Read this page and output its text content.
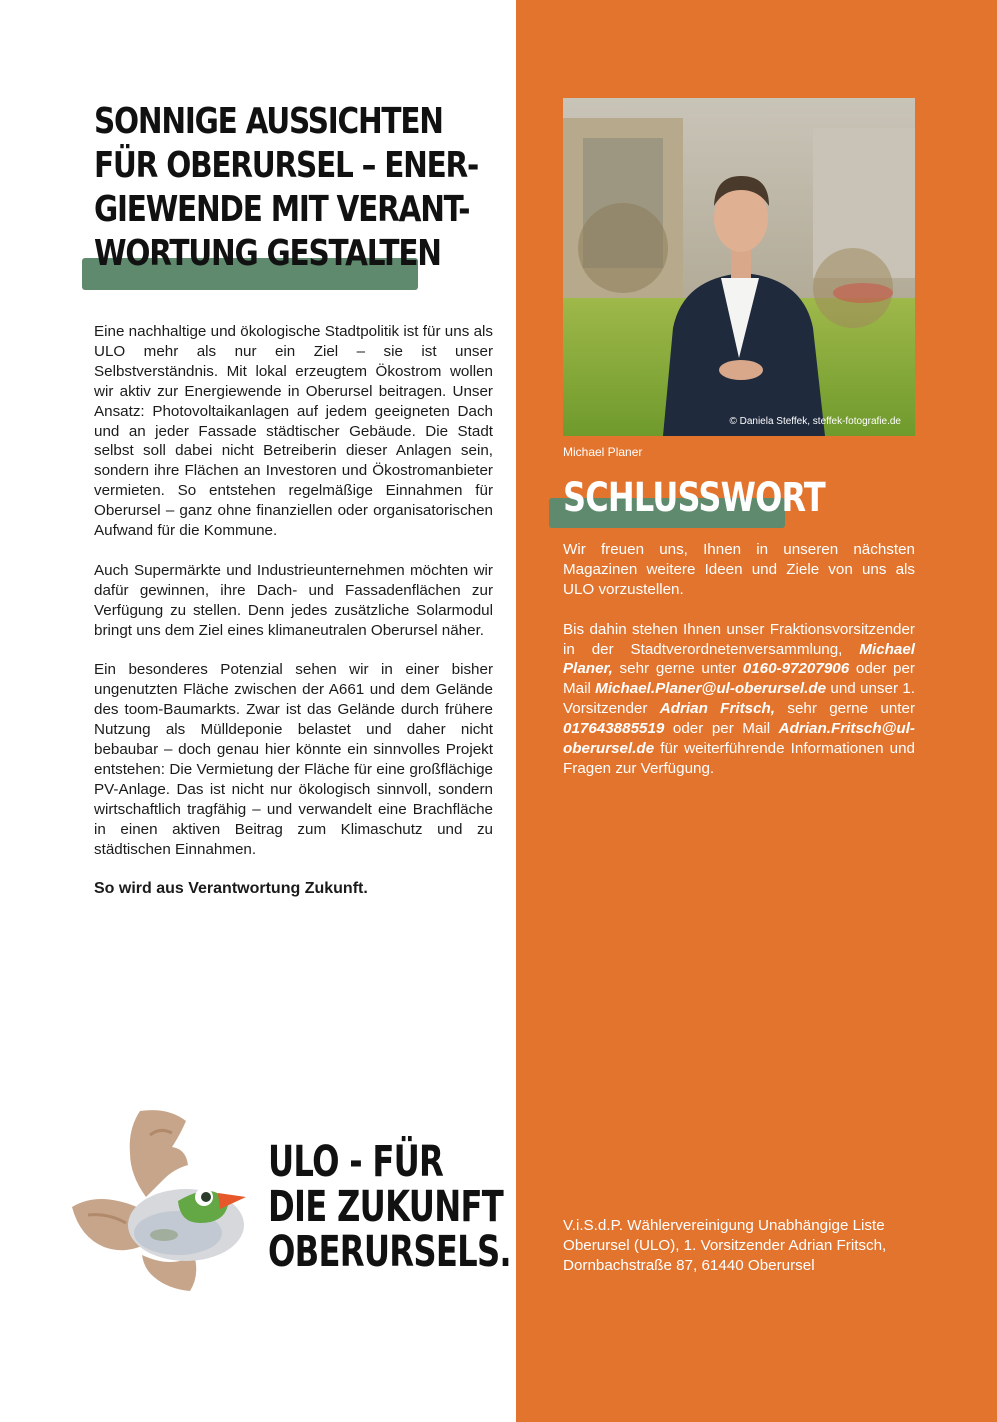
SONNIGE AUSSICHTEN
FÜR OBERURSEL – ENER-
GIEWENDE MIT VERANT-
WORTUNG GESTALTEN

Eine nachhaltige und ökologische Stadtpolitik ist für uns als ULO mehr als nur ein Ziel – sie ist unser Selbstverständnis. Mit lokal erzeugtem Ökostrom wollen wir aktiv zur Energiewende in Oberursel beitragen. Unser Ansatz: Photovoltaikanlagen auf jedem geeigneten Dach und an jeder Fassade städtischer Gebäude. Die Stadt selbst soll dabei nicht Betreiberin dieser Anlagen sein, sondern ihre Flächen an Investoren und Ökostromanbieter vermieten. So entstehen regelmäßige Einnahmen für Oberursel – ganz ohne finanziellen oder organisatorischen Aufwand für die Kommune.

Auch Supermärkte und Industrieunternehmen möchten wir dafür gewinnen, ihre Dach- und Fassadenflächen zur Verfügung zu stellen. Denn jedes zusätzliche Solarmodul bringt uns dem Ziel eines klimaneutralen Oberursel näher.

Ein besonderes Potenzial sehen wir in einer bisher ungenutzten Fläche zwischen der A661 und dem Gelände des toom-Baumarkts. Zwar ist das Gelände durch frühere Nutzung als Mülldeponie belastet und daher nicht bebaubar – doch genau hier könnte ein sinnvolles Projekt entstehen: Die Vermietung der Fläche für eine großflächige PV-Anlage. Das ist nicht nur ökologisch sinnvoll, sondern wirtschaftlich tragfähig – und verwandelt eine Brachfläche in einen aktiven Beitrag zum Klimaschutz und zu städtischen Einnahmen.

So wird aus Verantwortung Zukunft.

© Daniela Steffek, steffek-fotografie.de
Michael Planer
SCHLUSSWORT

Wir freuen uns, Ihnen in unseren nächsten Magazinen weitere Ideen und Ziele von uns als ULO vorzustellen.

Bis dahin stehen Ihnen unser Fraktionsvorsitzender in der Stadtverordnetenversammlung, Michael Planer, sehr gerne unter 0160-97207906 oder per Mail Michael.Planer@ul-oberursel.de und unser 1. Vorsitzender Adrian Fritsch, sehr gerne unter 017643885519 oder per Mail Adrian.Fritsch@ul-oberursel.de für weiterführende Informationen und Fragen zur Verfügung.

ULO - FÜR
DIE ZUKUNFT
OBERURSELS.
V.i.S.d.P. Wählervereinigung Unabhängige Liste Oberursel (ULO), 1. Vorsitzender Adrian Fritsch, Dornbachstraße 87, 61440 Oberursel
